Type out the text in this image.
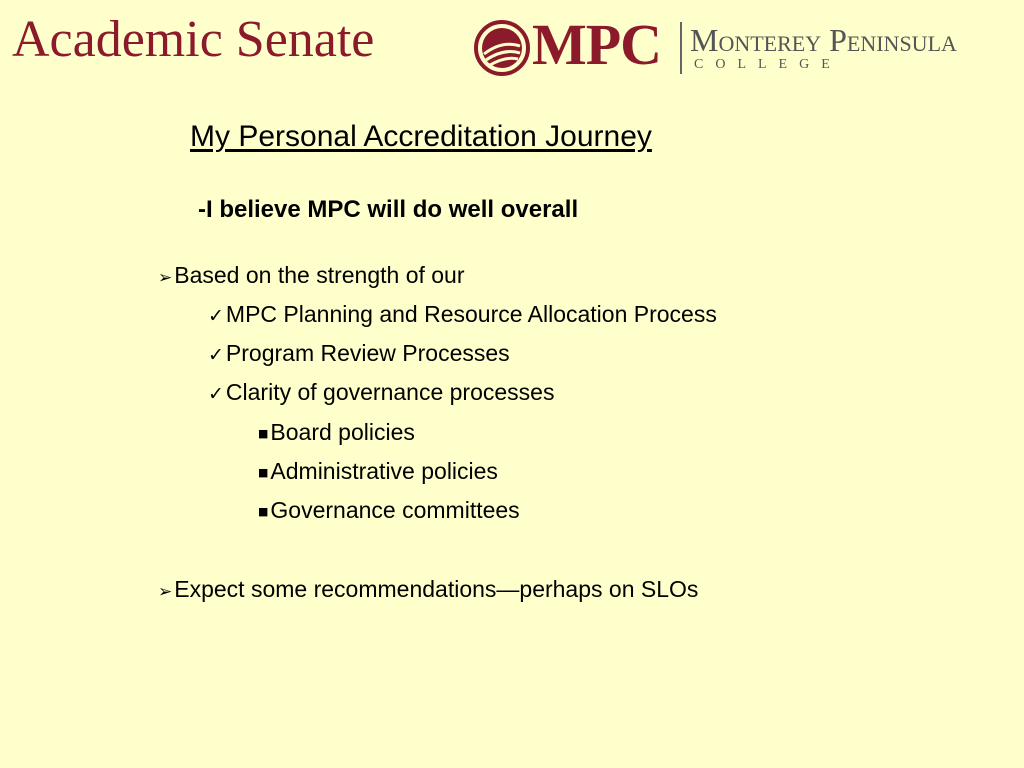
Academic Senate	MPC Monterey Peninsula
COLLEGE
My Personal Accreditation Journey
-I believe MPC will do well overall
➢Based on the strength of our
✓MPC Planning and Resource Allocation Process
✓Program Review Processes
✓Clarity of governance processes
■Board policies
■Administrative policies
■Governance committees
➢Expect some recommendations—perhaps on SLOs
